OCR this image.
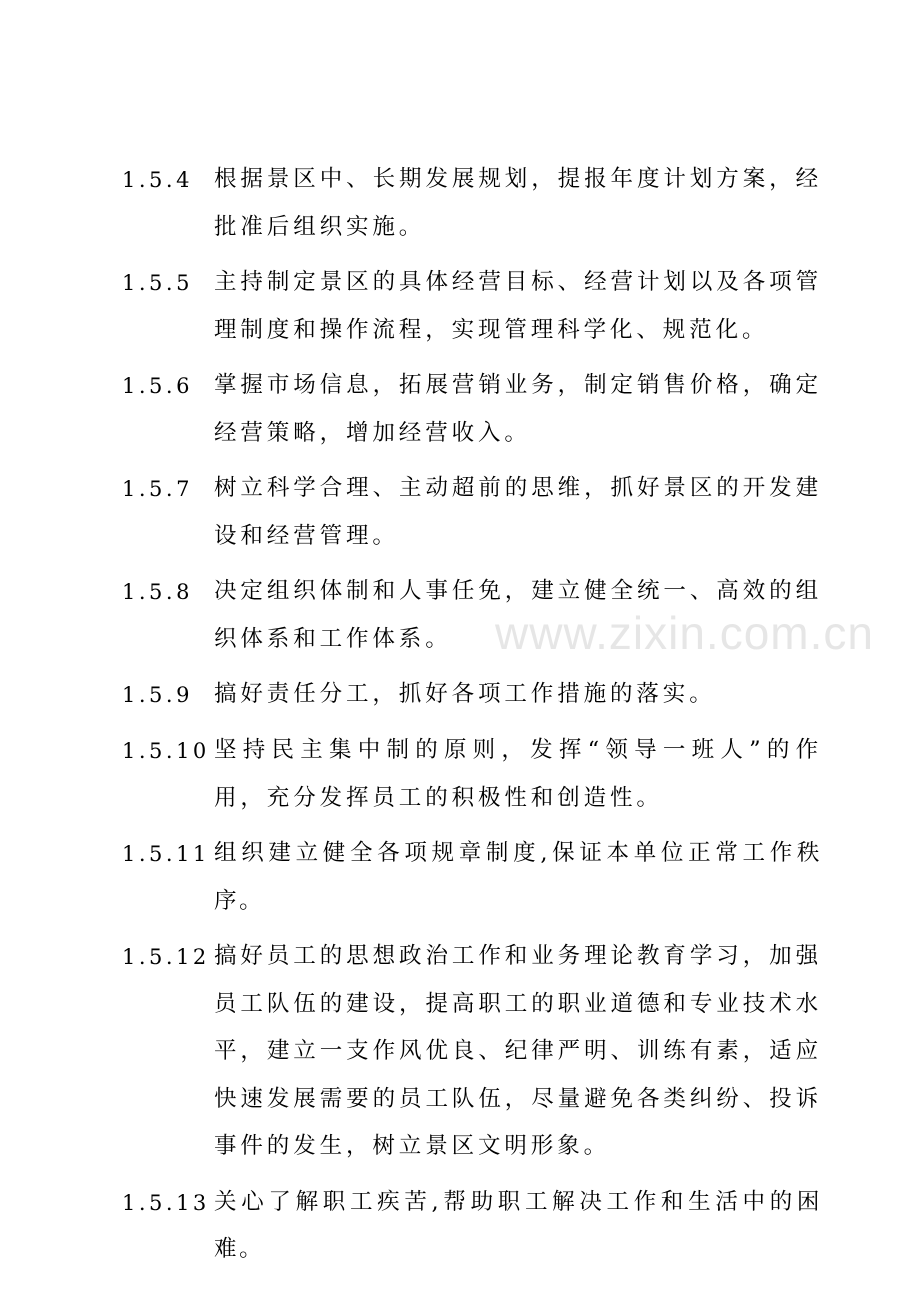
1.5.4 根据景区中、长期发展规划，提报年度计划方案，经批准后组织实施。
1.5.5 主持制定景区的具体经营目标、经营计划以及各项管理制度和操作流程，实现管理科学化、规范化。
1.5.6 掌握市场信息，拓展营销业务，制定销售价格，确定经营策略，增加经营收入。
1.5.7 树立科学合理、主动超前的思维，抓好景区的开发建设和经营管理。
1.5.8 决定组织体制和人事任免，建立健全统一、高效的组织体系和工作体系。
1.5.9 搞好责任分工，抓好各项工作措施的落实。
1.5.10 坚持民主集中制的原则，发挥“领导一班人”的作用，充分发挥员工的积极性和创造性。
1.5.11 组织建立健全各项规章制度,保证本单位正常工作秩序。
1.5.12 搞好员工的思想政治工作和业务理论教育学习，加强员工队伍的建设，提高职工的职业道德和专业技术水平，建立一支作风优良、纪律严明、训练有素，适应快速发展需要的员工队伍，尽量避免各类纠纷、投诉事件的发生，树立景区文明形象。
1.5.13 关心了解职工疾苦,帮助职工解决工作和生活中的困难。
www.zixin.com.cn
